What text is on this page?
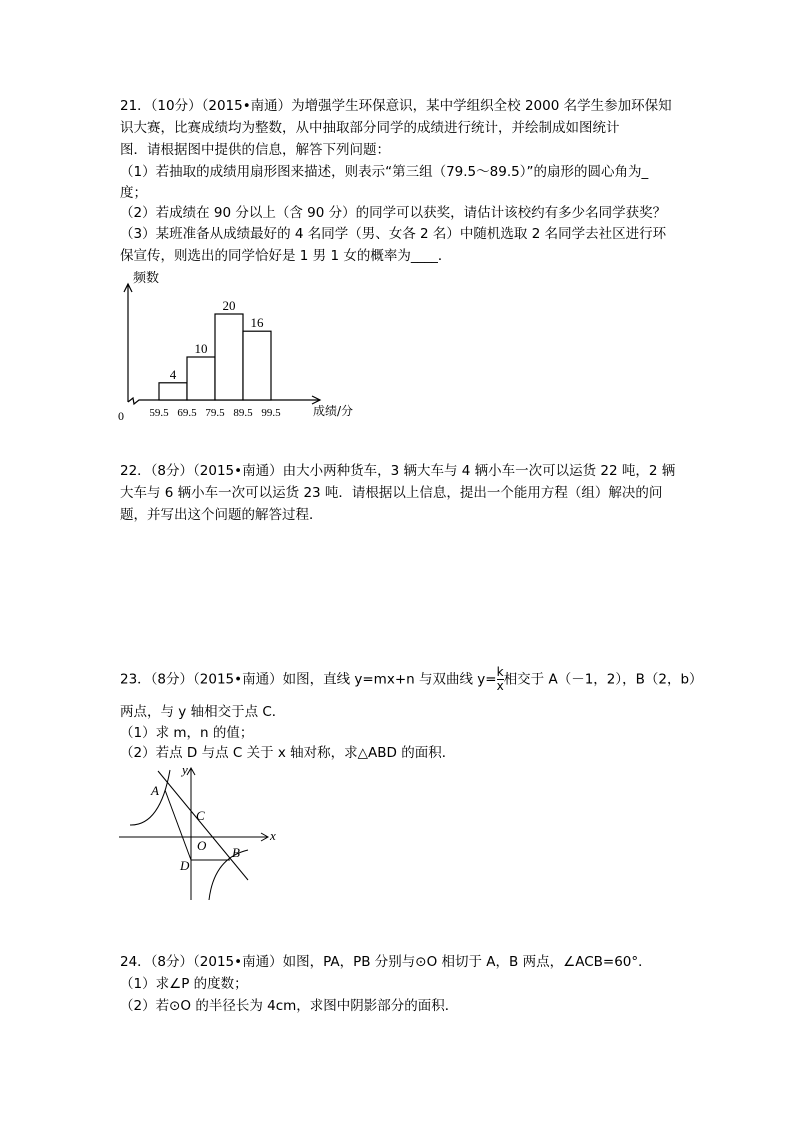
21．（10分）（2015•南通）为增强学生环保意识，某中学组织全校 2000 名学生参加环保知
识大赛，比赛成绩均为整数，从中抽取部分同学的成绩进行统计，并绘制成如图统计
图．请根据图中提供的信息，解答下列问题：
（1）若抽取的成绩用扇形图来描述，则表示“第三组（79.5～89.5）”的扇形的圆心角为_
度；
（2）若成绩在 90 分以上（含 90 分）的同学可以获奖，请估计该校约有多少名同学获奖？
（3）某班准备从成绩最好的 4 名同学（男、女各 2 名）中随机选取 2 名同学去社区进行环
保宣传，则选出的同学恰好是 1 男 1 女的概率为____．
频数
成绩/分
0
4
10
20
16
59.5 69.5 79.5 89.5 99.5
22．（8分）（2015•南通）由大小两种货车，3 辆大车与 4 辆小车一次可以运货 22 吨，2 辆
大车与 6 辆小车一次可以运货 23 吨．请根据以上信息，提出一个能用方程（组）解决的问
题，并写出这个问题的解答过程．
23．（8分）（2015•南通）如图，直线 y=mx+n 与双曲线 $y= \frac{k}{x}$ 相交于 A（－1，2），B（2，b）
两点，与 y 轴相交于点 C．
（1）求 m，n 的值；
（2）若点 D 与点 C 关于 x 轴对称，求△ABD 的面积．
A
C
O B
D
y
x
24．（8分）（2015•南通）如图，PA，PB 分别与⊙O 相切于 A，B 两点，∠ACB=60°．
（1）求∠P 的度数；
（2）若⊙O 的半径长为 4cm，求图中阴影部分的面积．
